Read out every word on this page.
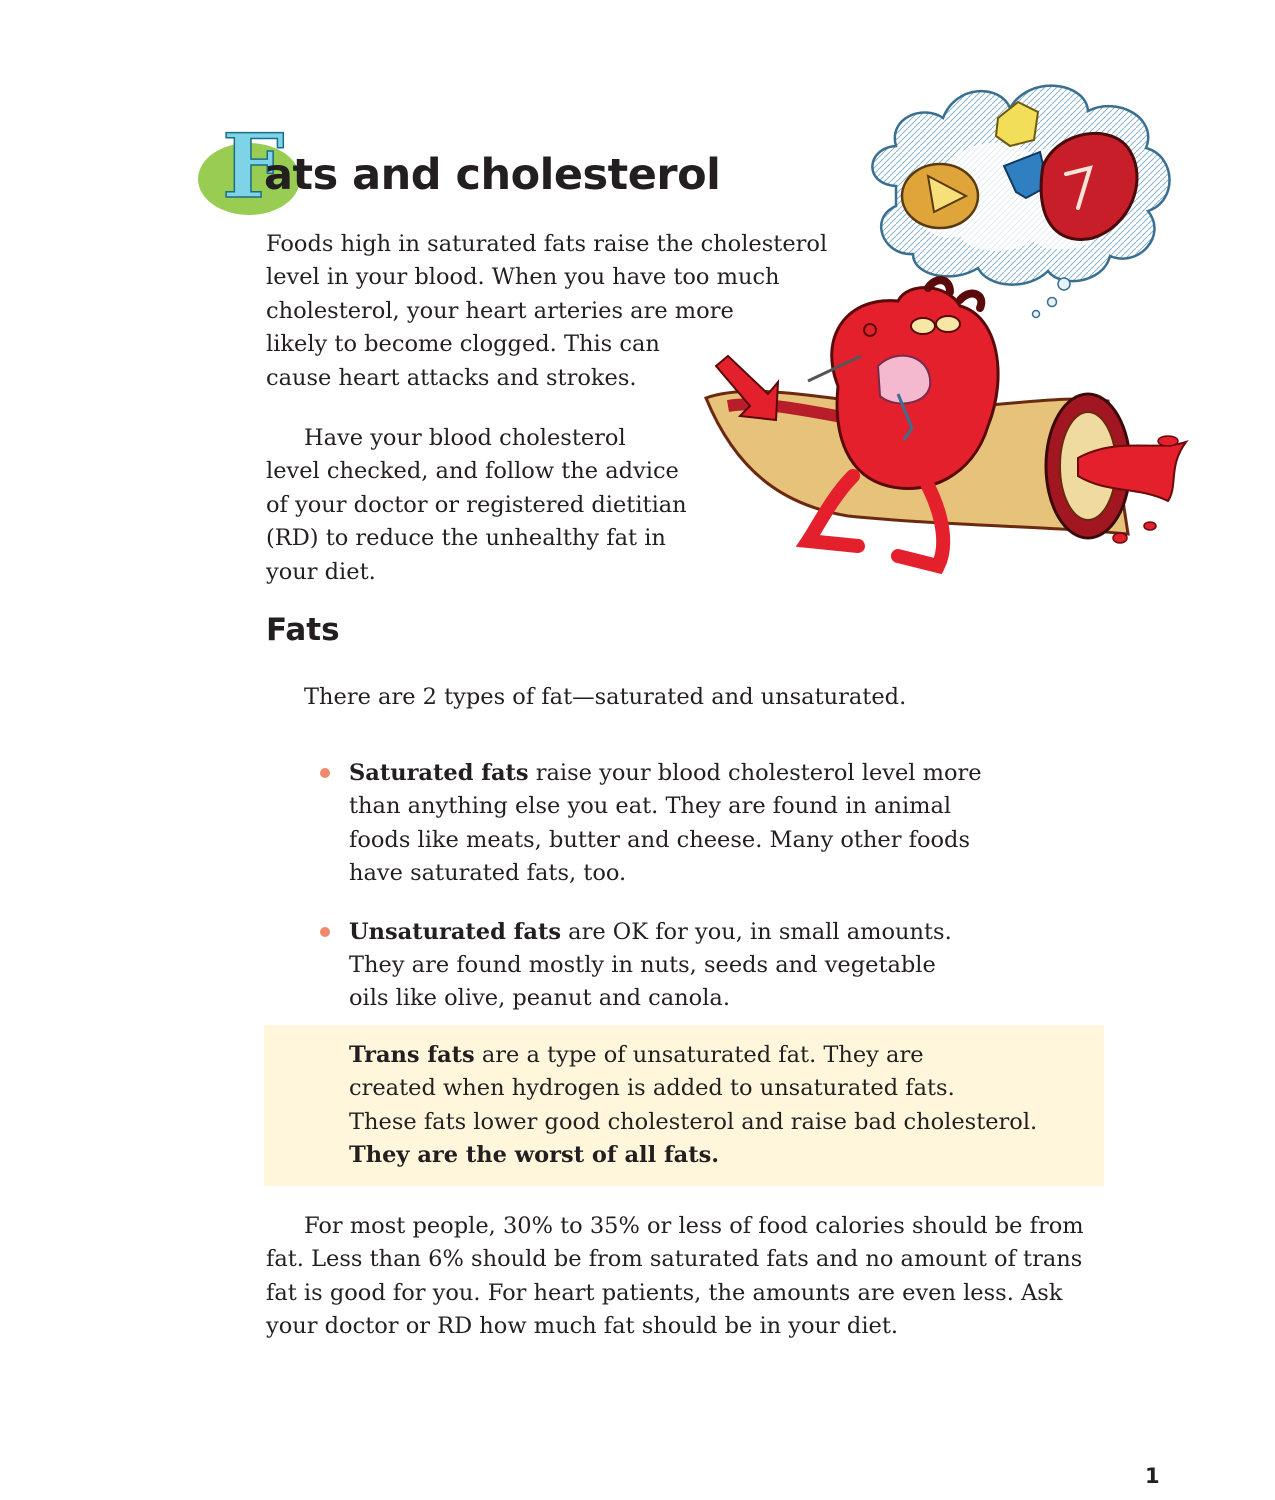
F
ats and cholesterol

Foods high in saturated fats raise the cholesterol
level in your blood. When you have too much
cholesterol, your heart arteries are more
likely to become clogged. This can
cause heart attacks and strokes.

Have your blood cholesterol
level checked, and follow the advice
of your doctor or registered dietitian
(RD) to reduce the unhealthy fat in
your diet.

Fats

There are 2 types of fat—saturated and unsaturated.

Saturated fats raise your blood cholesterol level more
than anything else you eat. They are found in animal
foods like meats, butter and cheese. Many other foods
have saturated fats, too.
Unsaturated fats are OK for you, in small amounts.
They are found mostly in nuts, seeds and vegetable
oils like olive, peanut and canola.

Trans fats are a type of unsaturated fat. They are
created when hydrogen is added to unsaturated fats.
These fats lower good cholesterol and raise bad cholesterol.
They are the worst of all fats.

For most people, 30% to 35% or less of food calories should be from
fat. Less than 6% should be from saturated fats and no amount of trans
fat is good for you. For heart patients, the amounts are even less. Ask
your doctor or RD how much fat should be in your diet.

1
